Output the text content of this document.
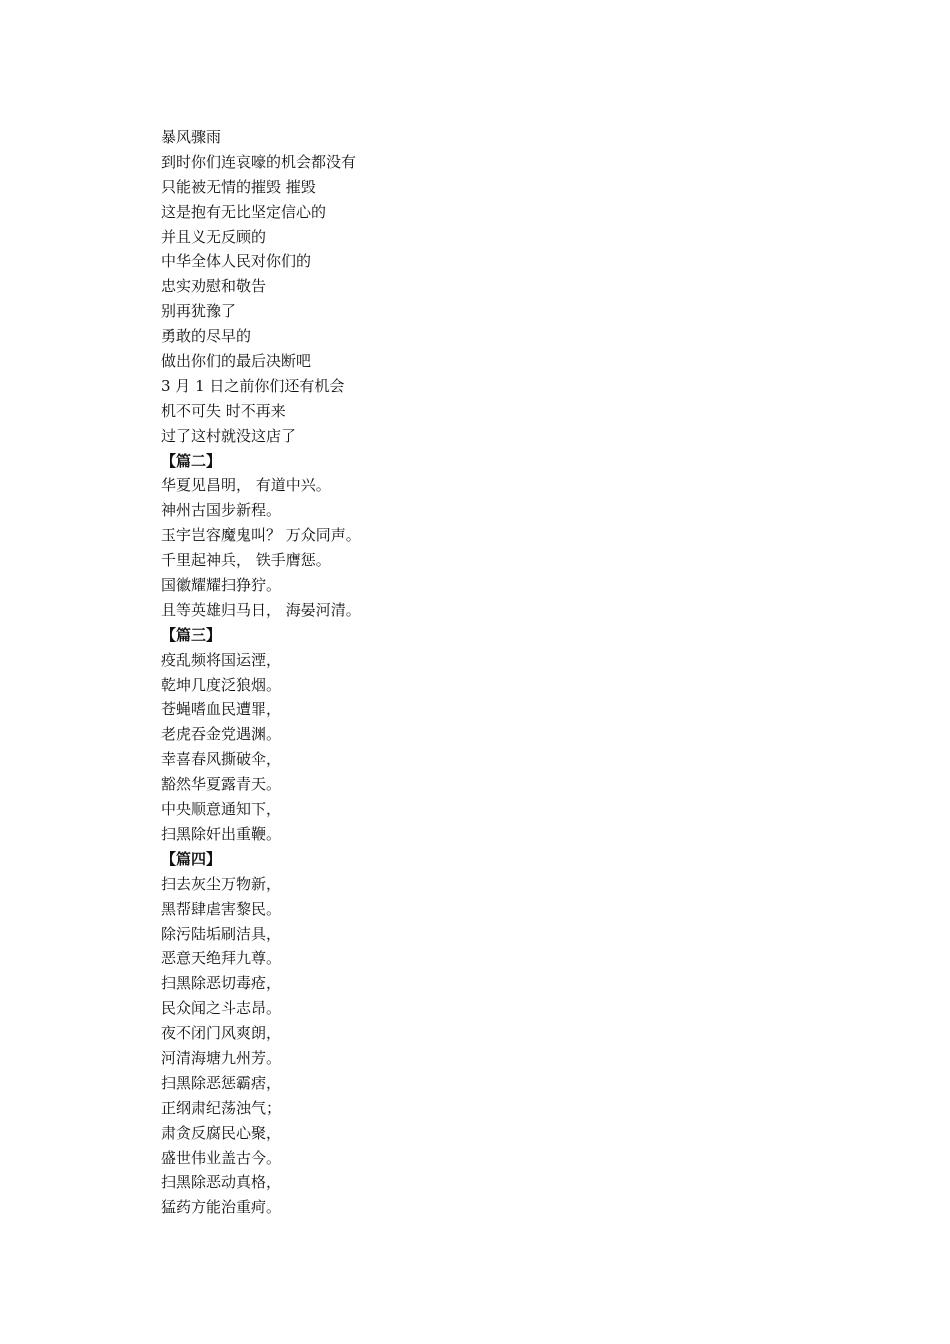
暴风骤雨
到时你们连哀嚎的机会都没有
只能被无情的摧毁 摧毁
这是抱有无比坚定信心的
并且义无反顾的
中华全体人民对你们的
忠实劝慰和敬告
别再犹豫了
勇敢的尽早的
做出你们的最后决断吧
3 月 1 日之前你们还有机会
机不可失 时不再来
过了这村就没这店了
【篇二】
华夏见昌明， 有道中兴。
神州古国步新程。
玉宇岂容魔鬼叫？ 万众同声。
千里起神兵， 铁手膺惩。
国徽耀耀扫狰狞。
且等英雄归马日， 海晏河清。
【篇三】
疫乱频将国运湮，
乾坤几度泛狼烟。
苍蝇嗜血民遭罪，
老虎吞金党遇渊。
幸喜春风撕破伞，
豁然华夏露青天。
中央顺意通知下，
扫黑除奸出重鞭。
【篇四】
扫去灰尘万物新，
黑帮肆虐害黎民。
除污陆垢刷洁具，
恶意天绝拜九尊。
扫黑除恶切毒疮，
民众闻之斗志昂。
夜不闭门风爽朗，
河清海塘九州芳。
扫黑除恶惩霸痞，
正纲肃纪荡浊气；
肃贪反腐民心聚，
盛世伟业盖古今。
扫黑除恶动真格，
猛药方能治重疴。
